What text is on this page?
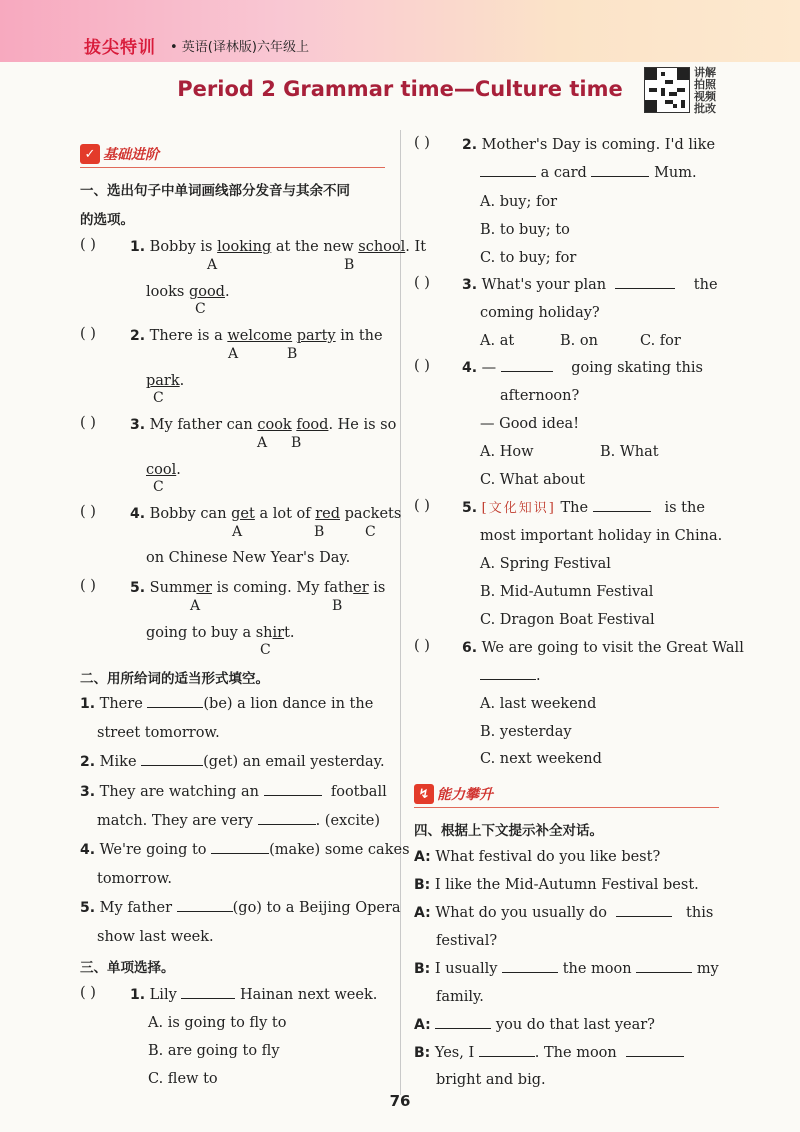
拔尖特训 • 英语(译林版)六年级上
Period 2 Grammar time—Culture time
讲解
拍照
视频
批改
✓ 基础进阶
一、选出句子中单词画线部分发音与其余不同
的选项。
( ) 1. Bobby is looking at the new school. It
A	B
looks good.
C
( ) 2. There is a welcome party in the
A	B
park.
C
( ) 3. My father can cook food. He is so
A B
cool.
C
( ) 4. Bobby can get a lot of red packets
A	B	C
on Chinese New Year's Day.
( ) 5. Summer is coming. My father is
A	B
going to buy a shirt.
C
二、用所给词的适当形式填空。
1. There	(be) a lion dance in the
street tomorrow.
2. Mike	(get) an email yesterday.
3. They are watching an	football
match. They are very	. (excite)
4. We're going to	(make) some cakes
tomorrow.
5. My father	(go) to a Beijing Opera
show last week.
三、单项选择。
( ) 1. Lily	Hainan next week.
A. is going to fly to
B. are going to fly
C. flew to
( ) 2. Mother's Day is coming. I'd like
a card	Mum.
A. buy; for
B. to buy; to
C. to buy; for
( ) 3. What's your plan	the
coming holiday?
A. at	B. on	C. for
( ) 4. —	going skating this
afternoon?
— Good idea!
A. How	B. What
C. What about
( ) 5. [文化知识] The	is the
most important holiday in China.
A. Spring Festival
B. Mid-Autumn Festival
C. Dragon Boat Festival
( ) 6. We are going to visit the Great Wall
.
A. last weekend
B. yesterday
C. next weekend
↯ 能力攀升
四、根据上下文提示补全对话。
A: What festival do you like best?
B: I like the Mid-Autumn Festival best.
A: What do you usually do	this
festival?
B: I usually	the moon	my
family.
A:	you do that last year?
B: Yes, I	. The moon
bright and big.
76
